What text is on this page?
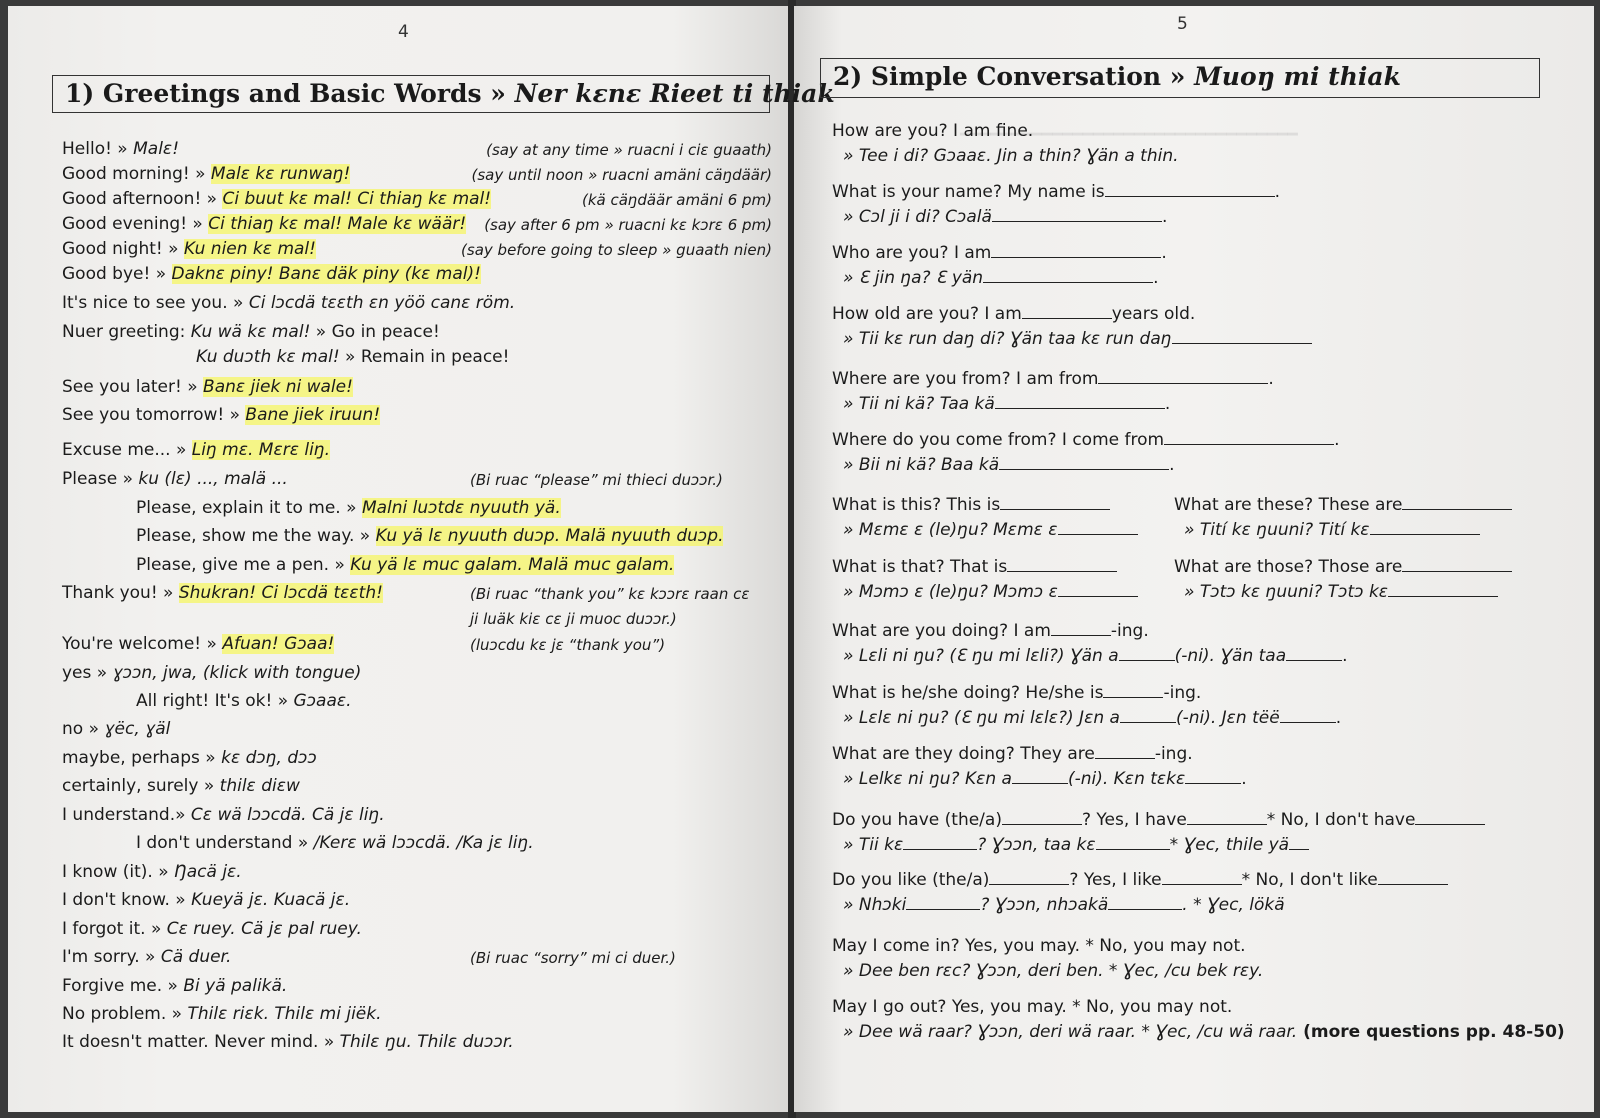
━━━━━━━━━━━━━━━━━━━━━━━━━━━━━━━━━
4
1) Greetings and Basic Words » Ner kɛnɛ Rieet ti thiak
Hello! » Malɛ!	(say at any time » ruacni i ciɛ guaath)
Good morning! » Malɛ kɛ runwaŋ!	(say until noon » ruacni amäni cäŋdäär)
Good afternoon! » Ci buut kɛ mal! Ci thiaŋ kɛ mal!	(kä cäŋdäär amäni 6 pm)
Good evening! » Ci thiaŋ kɛ mal! Male kɛ wäär! (say after 6 pm » ruacni kɛ kɔrɛ 6 pm)
Good night! » Ku nien kɛ mal!	(say before going to sleep » guaath nien)
Good bye! » Daknɛ piny! Banɛ däk piny (kɛ mal)!
It's nice to see you. » Ci lɔcdä tɛɛth ɛn yöö canɛ röm.
Nuer greeting: Ku wä kɛ mal! » Go in peace!
Ku duɔth kɛ mal! » Remain in peace!
See you later! » Banɛ jiek ni wale!
See you tomorrow! » Bane jiek iruun!
Excuse me... » Liŋ mɛ. Mɛrɛ liŋ.
Please » ku (lɛ) ..., malä ...	(Bi ruac “please” mi thieci duɔɔr.)
Please, explain it to me. » Malni luɔtdɛ nyuuth yä.
Please, show me the way. » Ku yä lɛ nyuuth duɔp. Malä nyuuth duɔp.
Please, give me a pen. » Ku yä lɛ muc galam. Malä muc galam.
Thank you! » Shukran! Ci lɔcdä tɛɛth!	(Bi ruac “thank you” kɛ kɔɔrɛ raan cɛ
ji luäk kiɛ cɛ ji muoc duɔɔr.)
You're welcome! » Afuan! Gɔaa!	(luɔcdu kɛ jɛ “thank you”)
yes » ɣɔɔn, jwa, (klick with tongue)
All right! It's ok! » Gɔaaɛ.
no » ɣëc, ɣäl
maybe, perhaps » kɛ dɔŋ, dɔɔ
certainly, surely » thilɛ diɛw
I understand.» Cɛ wä lɔɔcdä. Cä jɛ liŋ.
I don't understand » /Kerɛ wä lɔɔcdä. /Ka jɛ liŋ.
I know (it). » Ŋacä jɛ.
I don't know. » Kueyä jɛ. Kuacä jɛ.
I forgot it. » Cɛ ruey. Cä jɛ pal ruey.
I'm sorry. » Cä duer.	(Bi ruac “sorry” mi ci duer.)
Forgive me. » Bi yä palikä.
No problem. » Thilɛ riɛk. Thilɛ mi jiëk.
It doesn't matter. Never mind. » Thilɛ ŋu. Thilɛ duɔɔr.
5
2) Simple Conversation » Muoŋ mi thiak
How are you? I am fine.
» Tee i di? Gɔaaɛ. Jin a thin? Ɣän a thin.
What is your name? My name is	.
» Cɔl ji i di? Cɔalä	.
Who are you? I am	.
» Ɛ jin ŋa? Ɛ yän	.
How old are you? I am	years old.
» Tii kɛ run daŋ di? Ɣän taa kɛ run daŋ
Where are you from? I am from	.
» Tii ni kä? Taa kä	.
Where do you come from? I come from	.
» Bii ni kä? Baa kä	.
What is this? This is	What are these? These are
» Mɛmɛ ɛ (le)ŋu? Mɛmɛ ɛ	» Tití kɛ ŋuuni? Tití kɛ
What is that? That is	What are those? Those are
» Mɔmɔ ɛ (le)ŋu? Mɔmɔ ɛ	» Tɔtɔ kɛ ŋuuni? Tɔtɔ kɛ
What are you doing? I am	-ing.
» Lɛli ni ŋu? (Ɛ ŋu mi lɛli?) Ɣän a	(-ni). Ɣän taa	.
What is he/she doing? He/she is	-ing.
» Lɛlɛ ni ŋu? (Ɛ ŋu mi lɛlɛ?) Jɛn a	(-ni). Jɛn tëë	.
What are they doing? They are	-ing.
» Lelkɛ ni ŋu? Kɛn a	(-ni). Kɛn tɛkɛ	.
Do you have (the/a)	? Yes, I have	* No, I don't have
» Tii kɛ	? Ɣɔɔn, taa kɛ	* Ɣec, thile yä
Do you like (the/a)	? Yes, I like	* No, I don't like
» Nhɔki	? Ɣɔɔn, nhɔakä	. * Ɣec, lökä
May I come in? Yes, you may. * No, you may not.
» Dee ben rɛc? Ɣɔɔn, deri ben. * Ɣec, /cu bek rɛy.
May I go out? Yes, you may. * No, you may not.
» Dee wä raar? Ɣɔɔn, deri wä raar. * Ɣec, /cu wä raar. (more questions pp. 48-50)
